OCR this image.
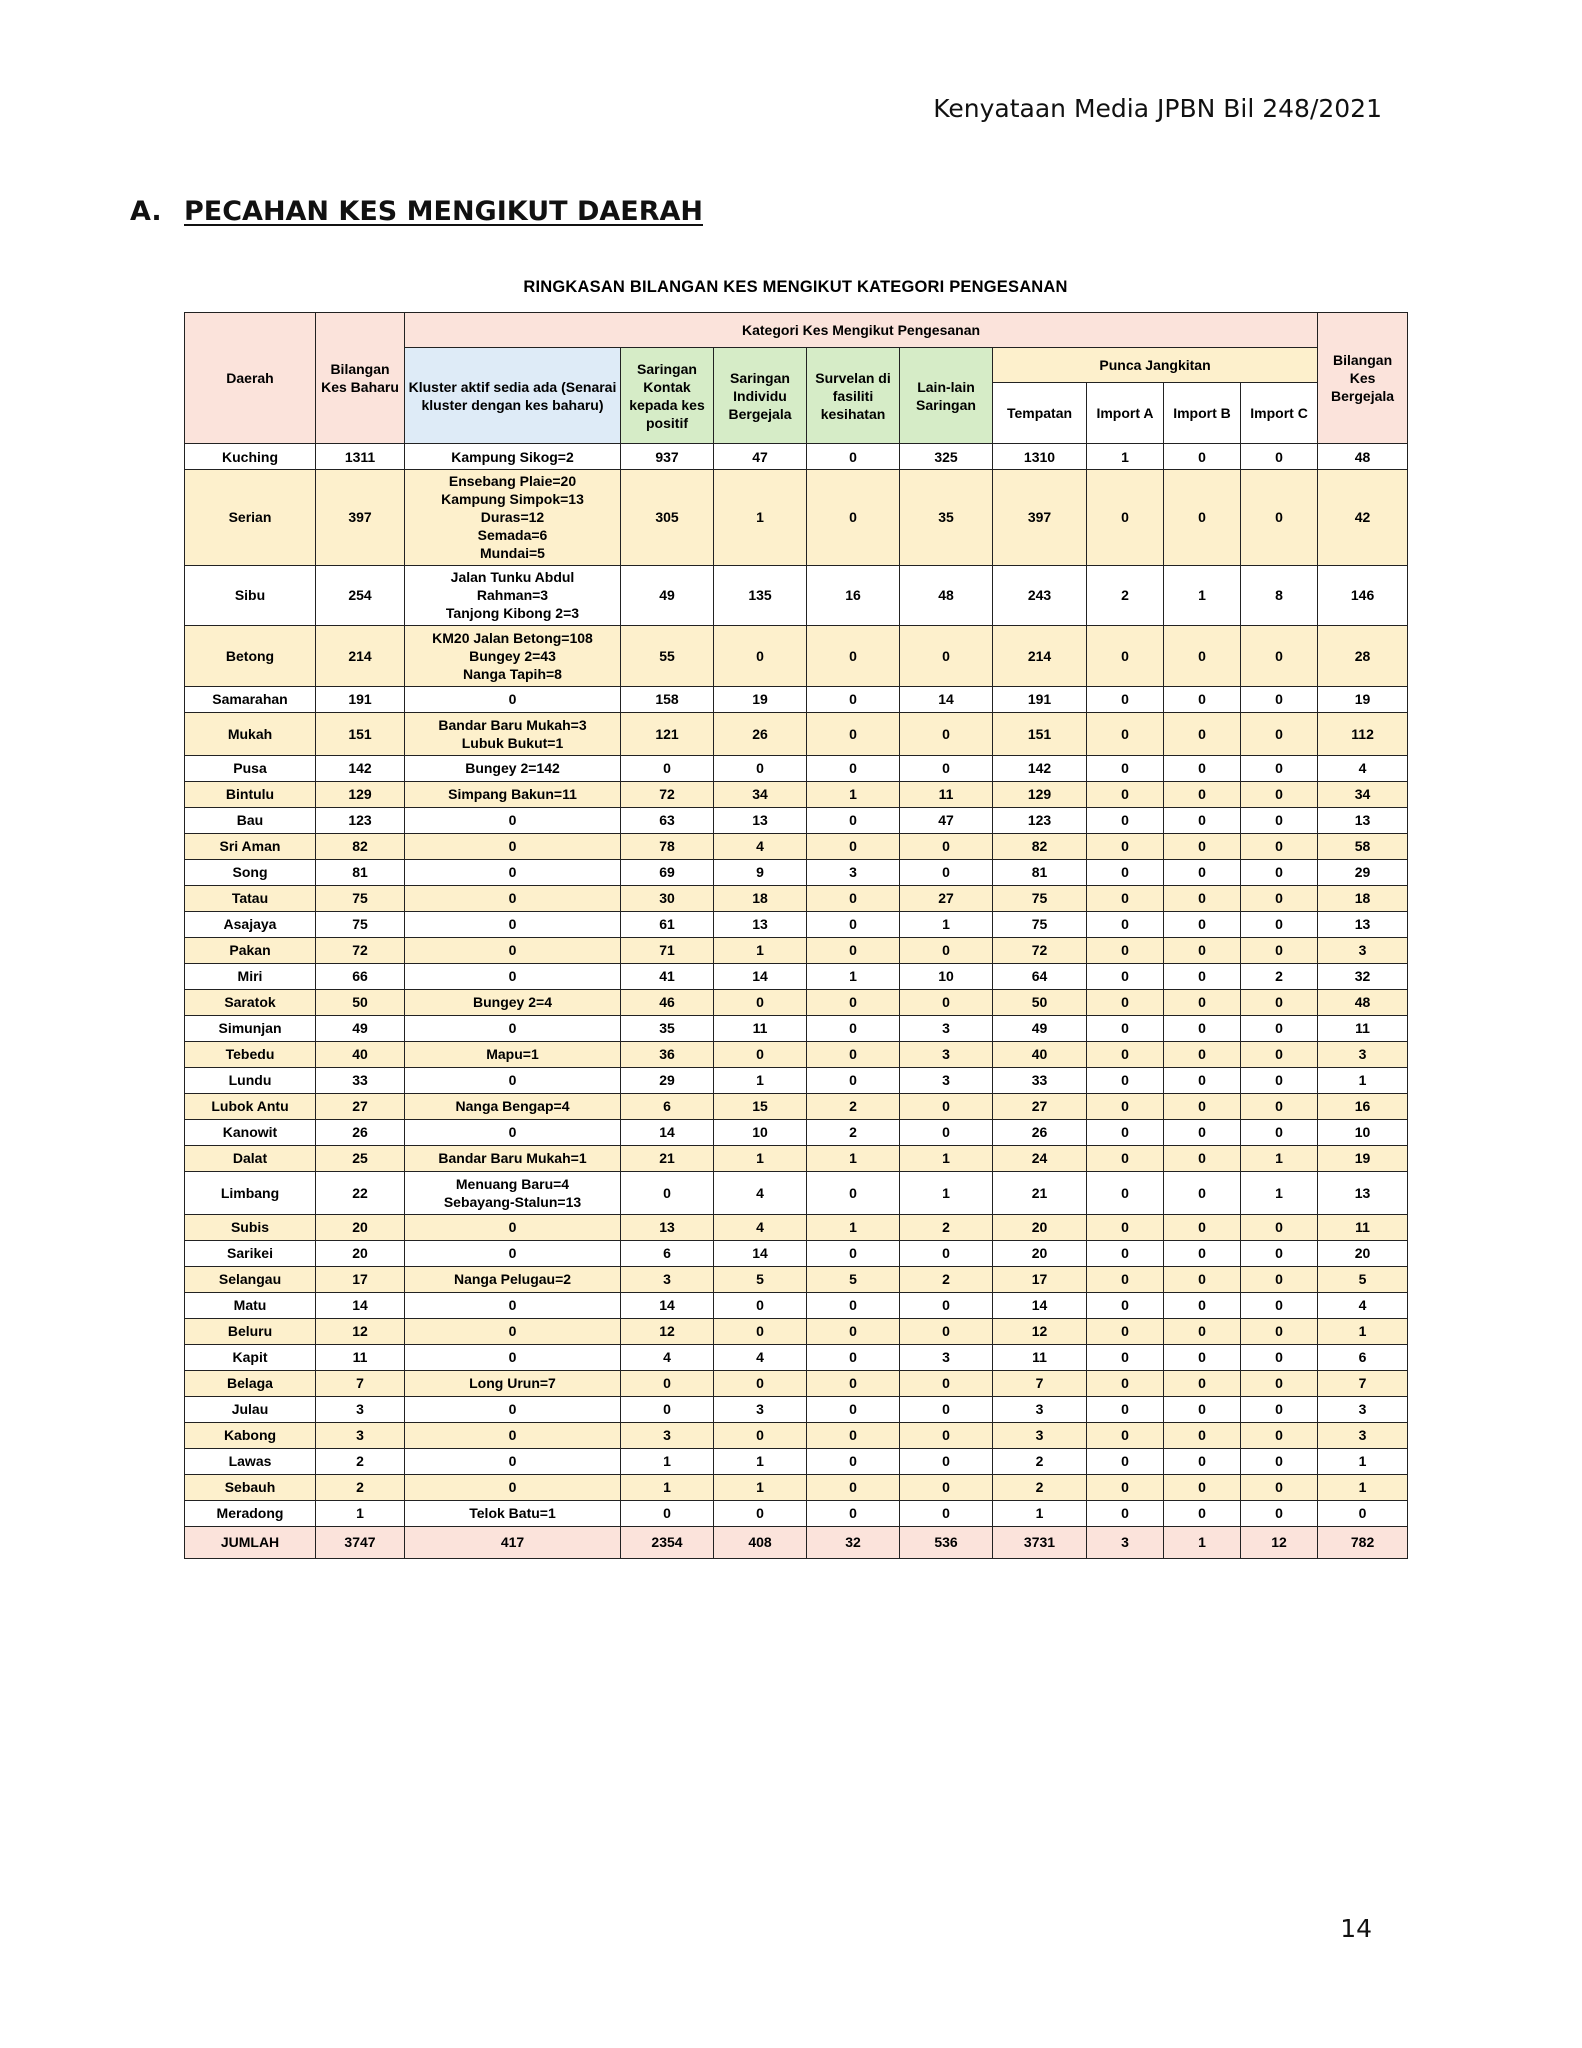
Kenyataan Media JPBN Bil 248/2021
A. PECAHAN KES MENGIKUT DAERAH
RINGKASAN BILANGAN KES MENGIKUT KATEGORI PENGESANAN
Daerah	Bilangan Kes Baharu	Kategori Kes Mengikut Pengesanan									Bilangan Kes Bergejala
		Kluster aktif sedia ada (Senarai kluster dengan kes baharu)	Saringan Kontak kepada kes positif	Saringan Individu Bergejala	Survelan di fasiliti kesihatan	Lain-lain Saringan	Punca Jangkitan				
							Tempatan	Import A	Import B	Import C	
Kuching	1311	Kampung Sikog=2	937	47	0	325	1310	1	0	0	48
Serian	397	Ensebang Plaie=20
Kampung Simpok=13
Duras=12
Semada=6
Mundai=5	305	1	0	35	397	0	0	0	42
Sibu	254	Jalan Tunku Abdul
Rahman=3
Tanjong Kibong 2=3	49	135	16	48	243	2	1	8	146
Betong	214	KM20 Jalan Betong=108
Bungey 2=43
Nanga Tapih=8	55	0	0	0	214	0	0	0	28
Samarahan	191	0	158	19	0	14	191	0	0	0	19
Mukah	151	Bandar Baru Mukah=3
Lubuk Bukut=1	121	26	0	0	151	0	0	0	112
Pusa	142	Bungey 2=142	0	0	0	0	142	0	0	0	4
Bintulu	129	Simpang Bakun=11	72	34	1	11	129	0	0	0	34
Bau	123	0	63	13	0	47	123	0	0	0	13
Sri Aman	82	0	78	4	0	0	82	0	0	0	58
Song	81	0	69	9	3	0	81	0	0	0	29
Tatau	75	0	30	18	0	27	75	0	0	0	18
Asajaya	75	0	61	13	0	1	75	0	0	0	13
Pakan	72	0	71	1	0	0	72	0	0	0	3
Miri	66	0	41	14	1	10	64	0	0	2	32
Saratok	50	Bungey 2=4	46	0	0	0	50	0	0	0	48
Simunjan	49	0	35	11	0	3	49	0	0	0	11
Tebedu	40	Mapu=1	36	0	0	3	40	0	0	0	3
Lundu	33	0	29	1	0	3	33	0	0	0	1
Lubok Antu	27	Nanga Bengap=4	6	15	2	0	27	0	0	0	16
Kanowit	26	0	14	10	2	0	26	0	0	0	10
Dalat	25	Bandar Baru Mukah=1	21	1	1	1	24	0	0	1	19
Limbang	22	Menuang Baru=4
Sebayang-Stalun=13	0	4	0	1	21	0	0	1	13
Subis	20	0	13	4	1	2	20	0	0	0	11
Sarikei	20	0	6	14	0	0	20	0	0	0	20
Selangau	17	Nanga Pelugau=2	3	5	5	2	17	0	0	0	5
Matu	14	0	14	0	0	0	14	0	0	0	4
Beluru	12	0	12	0	0	0	12	0	0	0	1
Kapit	11	0	4	4	0	3	11	0	0	0	6
Belaga	7	Long Urun=7	0	0	0	0	7	0	0	0	7
Julau	3	0	0	3	0	0	3	0	0	0	3
Kabong	3	0	3	0	0	0	3	0	0	0	3
Lawas	2	0	1	1	0	0	2	0	0	0	1
Sebauh	2	0	1	1	0	0	2	0	0	0	1
Meradong	1	Telok Batu=1	0	0	0	0	1	0	0	0	0
JUMLAH	3747	417	2354	408	32	536	3731	3	1	12	782
14
